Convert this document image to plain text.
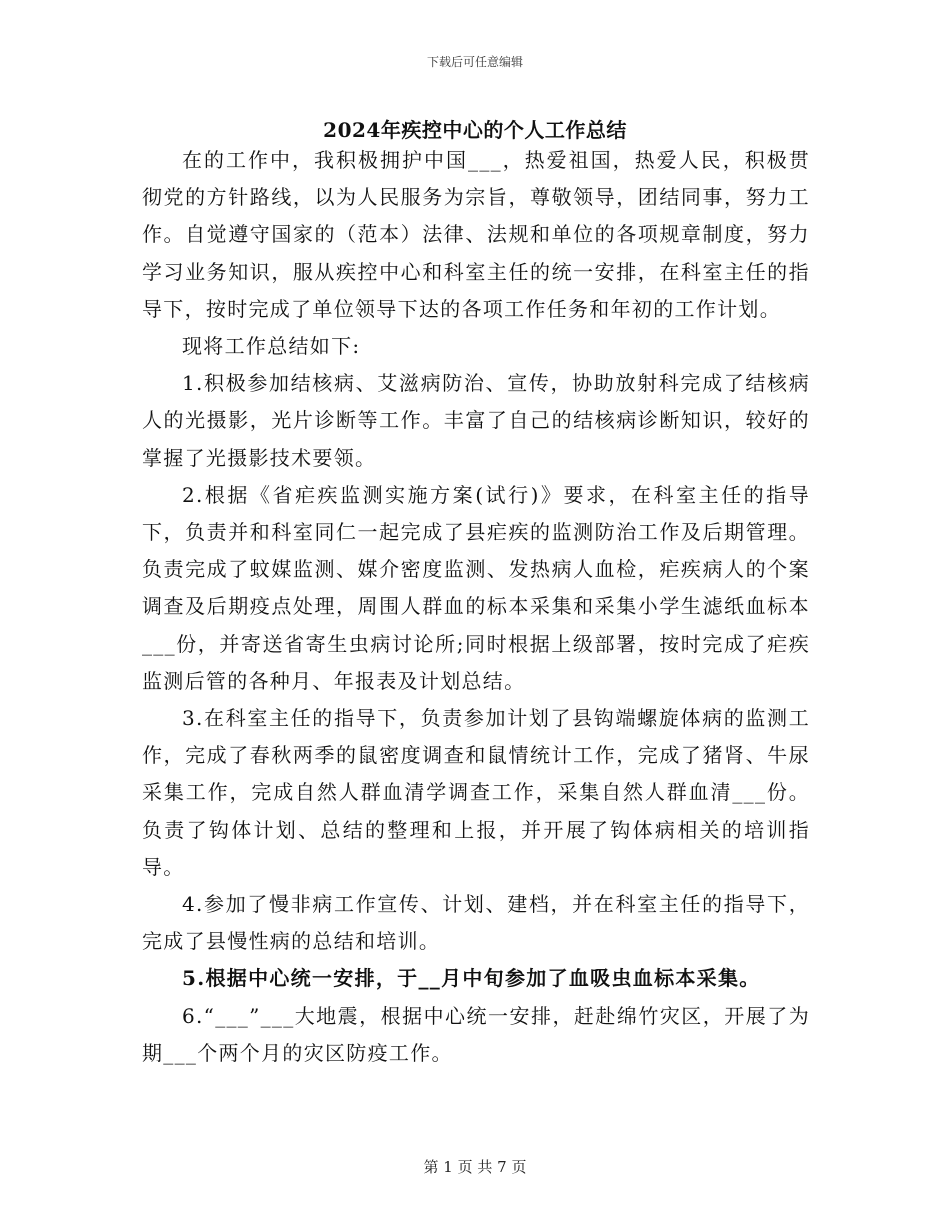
下载后可任意编辑
2024年疾控中心的个人工作总结

在的工作中，我积极拥护中国___，热爱祖国，热爱人民，积极贯彻党的方针路线，以为人民服务为宗旨，尊敬领导，团结同事，努力工作。自觉遵守国家的（范本）法律、法规和单位的各项规章制度，努力学习业务知识，服从疾控中心和科室主任的统一安排，在科室主任的指导下，按时完成了单位领导下达的各项工作任务和年初的工作计划。

现将工作总结如下:

1.积极参加结核病、艾滋病防治、宣传，协助放射科完成了结核病人的光摄影，光片诊断等工作。丰富了自己的结核病诊断知识，较好的掌握了光摄影技术要领。

2.根据《省疟疾监测实施方案(试行)》要求，在科室主任的指导下，负责并和科室同仁一起完成了县疟疾的监测防治工作及后期管理。负责完成了蚊媒监测、媒介密度监测、发热病人血检，疟疾病人的个案调查及后期疫点处理，周围人群血的标本采集和采集小学生滤纸血标本___份，并寄送省寄生虫病讨论所;同时根据上级部署，按时完成了疟疾监测后管的各种月、年报表及计划总结。

3.在科室主任的指导下，负责参加计划了县钩端螺旋体病的监测工作，完成了春秋两季的鼠密度调查和鼠情统计工作，完成了猪肾、牛尿采集工作，完成自然人群血清学调查工作，采集自然人群血清___份。负责了钩体计划、总结的整理和上报，并开展了钩体病相关的培训指导。

4.参加了慢非病工作宣传、计划、建档，并在科室主任的指导下，完成了县慢性病的总结和培训。

5.根据中心统一安排，于__月中旬参加了血吸虫血标本采集。

6.“___”___大地震，根据中心统一安排，赶赴绵竹灾区，开展了为期___个两个月的灾区防疫工作。

第 1 页 共 7 页
